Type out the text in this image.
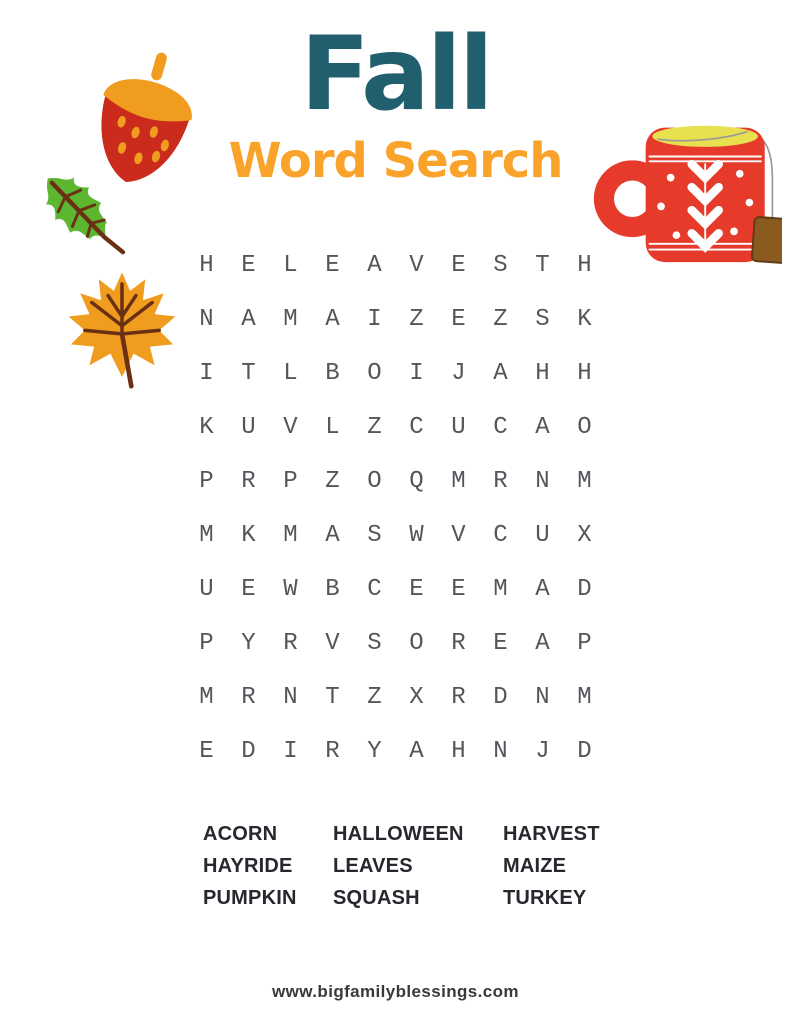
Fall
Word Search
H	E	L	E	A	V	E	S	T	H
N	A	M	A	I	Z	E	Z	S	K
I	T	L	B	O	I	J	A	H	H
K	U	V	L	Z	C	U	C	A	O
P	R	P	Z	O	Q	M	R	N	M
M	K	M	A	S	W	V	C	U	X
U	E	W	B	C	E	E	M	A	D
P	Y	R	V	S	O	R	E	A	P
M	R	N	T	Z	X	R	D	N	M
E	D	I	R	Y	A	H	N	J	D
ACORN
HAYRIDE
PUMPKIN
HALLOWEEN
LEAVES
SQUASH
HARVEST
MAIZE
TURKEY
www.bigfamilyblessings.com
